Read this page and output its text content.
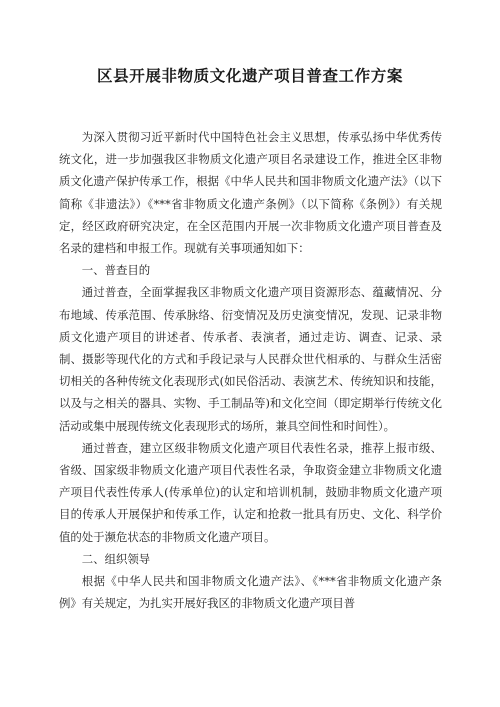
区县开展非物质文化遗产项目普查工作方案

为深入贯彻习近平新时代中国特色社会主义思想，传承弘扬中华优秀传统文化，进一步加强我区非物质文化遗产项目名录建设工作，推进全区非物质文化遗产保护传承工作，根据《中华人民共和国非物质文化遗产法》（以下简称《非遗法》）《***省非物质文化遗产条例》（以下简称《条例》）有关规定，经区政府研究决定，在全区范围内开展一次非物质文化遗产项目普查及名录的建档和申报工作。现就有关事项通知如下：

一、普查目的

通过普查，全面掌握我区非物质文化遗产项目资源形态、蕴藏情况、分布地域、传承范围、传承脉络、衍变情况及历史演变情况，发现、记录非物质文化遗产项目的讲述者、传承者、表演者，通过走访、调查、记录、录制、摄影等现代化的方式和手段记录与人民群众世代相承的、与群众生活密切相关的各种传统文化表现形式(如民俗活动、表演艺术、传统知识和技能，以及与之相关的器具、实物、手工制品等)和文化空间（即定期举行传统文化活动或集中展现传统文化表现形式的场所，兼具空间性和时间性）。

通过普查，建立区级非物质文化遗产项目代表性名录，推荐上报市级、省级、国家级非物质文化遗产项目代表性名录，争取资金建立非物质文化遗产项目代表性传承人(传承单位)的认定和培训机制，鼓励非物质文化遗产项目的传承人开展保护和传承工作，认定和抢救一批具有历史、文化、科学价值的处于濒危状态的非物质文化遗产项目。

二、组织领导

根据《中华人民共和国非物质文化遗产法》、《***省非物质文化遗产条例》有关规定，为扎实开展好我区的非物质文化遗产项目普
